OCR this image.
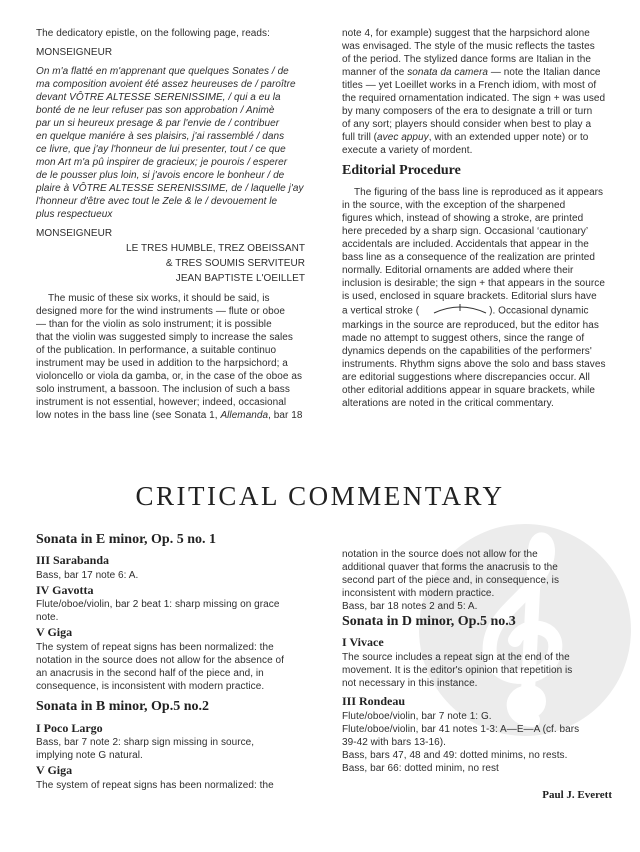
The dedicatory epistle, on the following page, reads:
MONSEIGNEUR
On m'a flatté en m'apprenant que quelques Sonates / de
ma composition avoient été assez heureuses de / paroître
devant VÔTRE ALTESSE SERENISSIME, / qui a eu la
bonté de ne leur refuser pas son approbation / Animè
par un si heureux presage & par l'envie de / contribuer
en quelque maniére à ses plaisirs, j'ai rassemblé / dans
ce livre, que j'ay l'honneur de lui presenter, tout / ce que
mon Art m'a pû inspirer de gracieux; je pourois / esperer
de le pousser plus loin, si j'avois encore le bonheur / de
plaire à VÔTRE ALTESSE SERENISSIME, de / laquelle j'ay
l'honneur d'être avec tout le Zele & le / devouement le
plus respectueux
MONSEIGNEUR
LE TRES HUMBLE, TREZ OBEISSANT
& TRES SOUMIS SERVITEUR
JEAN BAPTISTE L'OEILLET
The music of these six works, it should be said, is
designed more for the wind instruments — flute or oboe
— than for the violin as solo instrument; it is possible
that the violin was suggested simply to increase the sales
of the publication. In performance, a suitable continuo
instrument may be used in addition to the harpsichord; a
violoncello or viola da gamba, or, in the case of the oboe as
solo instrument, a bassoon. The inclusion of such a bass
instrument is not essential, however; indeed, occasional
low notes in the bass line (see Sonata 1, Allemanda, bar 18
note 4, for example) suggest that the harpsichord alone
was envisaged. The style of the music reflects the tastes
of the period. The stylized dance forms are Italian in the
manner of the sonata da camera — note the Italian dance
titles — yet Loeillet works in a French idiom, with most of
the required ornamentation indicated. The sign + was used
by many composers of the era to designate a trill or turn
of any sort; players should consider when best to play a
full trill (avec appuy, with an extended upper note) or to
execute a variety of mordent.
Editorial Procedure
The figuring of the bass line is reproduced as it appears
in the source, with the exception of the sharpened
figures which, instead of showing a stroke, are printed
here preceded by a sharp sign. Occasional ‘cautionary’
accidentals are included. Accidentals that appear in the
bass line as a consequence of the realization are printed
normally. Editorial ornaments are added where their
inclusion is desirable; the sign + that appears in the source
is used, enclosed in square brackets. Editorial slurs have
a vertical stroke (	). Occasional dynamic
markings in the source are reproduced, but the editor has
made no attempt to suggest others, since the range of
dynamics depends on the capabilities of the performers'
instruments. Rhythm signs above the solo and bass staves
are editorial suggestions where discrepancies occur. All
other editorial additions appear in square brackets, while
alterations are noted in the critical commentary.
CRITICAL COMMENTARY
Sonata in E minor, Op. 5 no. 1
III Sarabanda
Bass, bar 17 note 6: A.
IV Gavotta
Flute/oboe/violin, bar 2 beat 1: sharp missing on grace
note.
V Giga
The system of repeat signs has been normalized: the
notation in the source does not allow for the absence of
an anacrusis in the second half of the piece and, in
consequence, is inconsistent with modern practice.
Sonata in B minor, Op.5 no.2
I Poco Largo
Bass, bar 7 note 2: sharp sign missing in source,
implying note G natural.
V Giga
The system of repeat signs has been normalized: the
notation in the source does not allow for the
additional quaver that forms the anacrusis to the
second part of the piece and, in consequence, is
inconsistent with modern practice.
Bass, bar 18 notes 2 and 5: A.
Sonata in D minor, Op.5 no.3
I Vivace
The source includes a repeat sign at the end of the
movement. It is the editor's opinion that repetition is
not necessary in this instance.
III Rondeau
Flute/oboe/violin, bar 7 note 1: G.
Flute/oboe/violin, bar 41 notes 1-3: A—E—A (cf. bars
39-42 with bars 13-16).
Bass, bars 47, 48 and 49: dotted minims, no rests.
Bass, bar 66: dotted minim, no rest
Paul J. Everett
